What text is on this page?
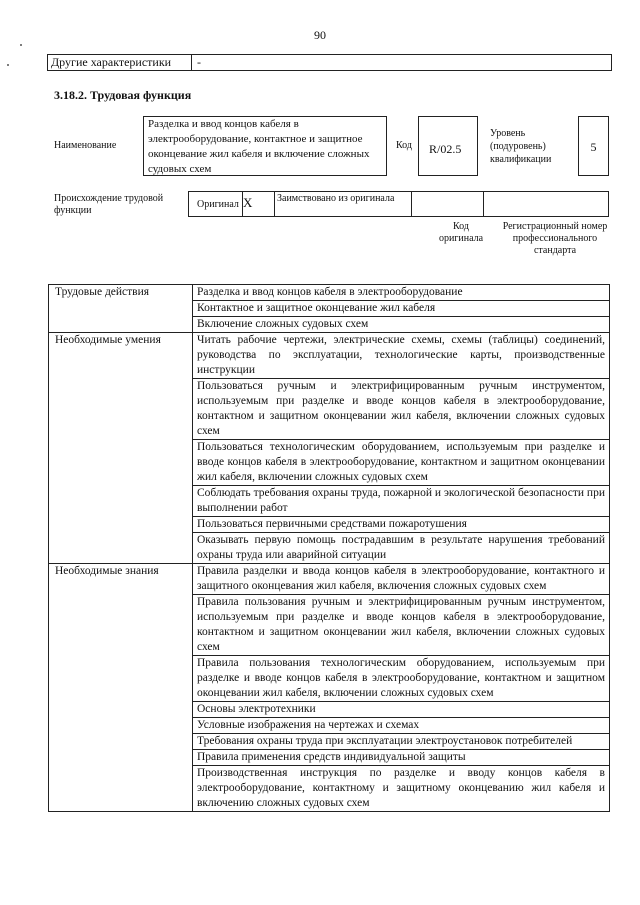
90
Другие характеристики	-
3.18.2. Трудовая функция
Наименование
Разделка и ввод концов кабеля в электрооборудование, контактное и защитное оконцевание жил кабеля и включение сложных судовых схем
Код	R/02.5
Уровень
(подуровень)
квалификации
5
Происхождение трудовой
функции
Оригинал X	Заимствовано из оригинала
Код оригинала
Регистрационный номер профессионального стандарта
Трудовые действия	Разделка и ввод концов кабеля в электрооборудование
	Контактное и защитное оконцевание жил кабеля
	Включение сложных судовых схем
Необходимые умения	Читать рабочие чертежи, электрические схемы, схемы (таблицы) соединений, руководства по эксплуатации, технологические карты, производственные инструкции
	Пользоваться ручным и электрифицированным ручным инструментом, используемым при разделке и вводе концов кабеля в электрооборудование, контактном и защитном оконцевании жил кабеля, включении сложных судовых схем
	Пользоваться технологическим оборудованием, используемым при разделке и вводе концов кабеля в электрооборудование, контактном и защитном оконцевании жил кабеля, включении сложных судовых схем
	Соблюдать требования охраны труда, пожарной и экологической безопасности при выполнении работ
	Пользоваться первичными средствами пожаротушения
	Оказывать первую помощь пострадавшим в результате нарушения требований охраны труда или аварийной ситуации
Необходимые знания	Правила разделки и ввода концов кабеля в электрооборудование, контактного и защитного оконцевания жил кабеля, включения сложных судовых схем
	Правила пользования ручным и электрифицированным ручным инструментом, используемым при разделке и вводе концов кабеля в электрооборудование, контактном и защитном оконцевании жил кабеля, включении сложных судовых схем
	Правила пользования технологическим оборудованием, используемым при разделке и вводе концов кабеля в электрооборудование, контактном и защитном оконцевании жил кабеля, включении сложных судовых схем
	Основы электротехники
	Условные изображения на чертежах и схемах
	Требования охраны труда при эксплуатации электроустановок потребителей
	Правила применения средств индивидуальной защиты
	Производственная инструкция по разделке и вводу концов кабеля в электрооборудование, контактному и защитному оконцеванию жил кабеля и включению сложных судовых схем
